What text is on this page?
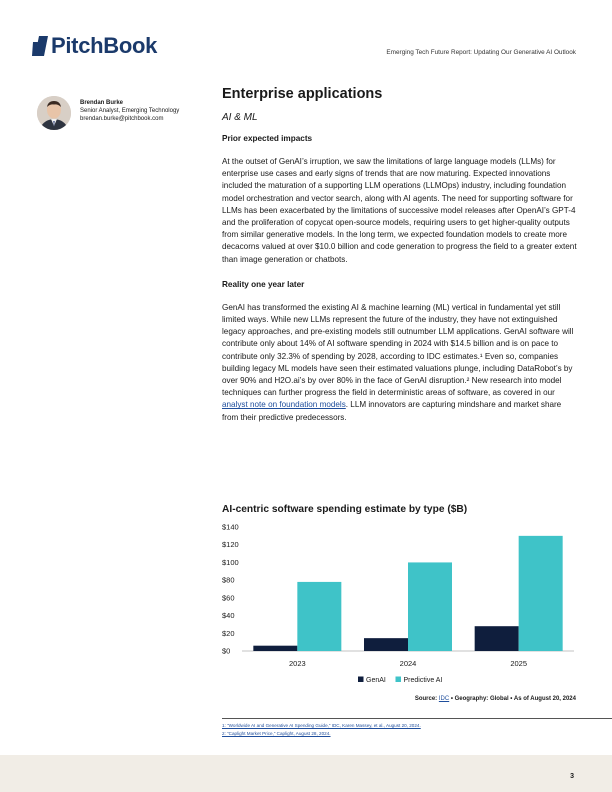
PitchBook	Emerging Tech Future Report: Updating Our Generative AI Outlook
Brendan Burke
Senior Analyst, Emerging Technology
brendan.burke@pitchbook.com
Enterprise applications
AI & ML
Prior expected impacts
At the outset of GenAI’s irruption, we saw the limitations of large language models (LLMs) for enterprise use cases and early signs of trends that are now maturing. Expected innovations included the maturation of a supporting LLM operations (LLMOps) industry, including foundation model orchestration and vector search, along with AI agents. The need for supporting software for LLMs has been exacerbated by the limitations of successive model releases after OpenAI’s GPT-4 and the proliferation of copycat open-source models, requiring users to get higher-quality outputs from similar generative models. In the long term, we expected foundation models to create more decacorns valued at over $10.0 billion and code generation to progress the field to a greater extent than image generation or chatbots.
Reality one year later
GenAI has transformed the existing AI & machine learning (ML) vertical in fundamental yet still limited ways. While new LLMs represent the future of the industry, they have not extinguished legacy approaches, and pre-existing models still outnumber LLM applications. GenAI software will contribute only about 14% of AI software spending in 2024 with $14.5 billion and is on pace to contribute only 32.3% of spending by 2028, according to IDC estimates.¹ Even so, companies building legacy ML models have seen their estimated valuations plunge, including DataRobot’s by over 90% and H2O.ai’s by over 80% in the face of GenAI disruption.² New research into model techniques can further progress the field in deterministic areas of software, as covered in our analyst note on foundation models. LLM innovators are capturing mindshare and market share from their predictive predecessors.
AI-centric software spending estimate by type ($B)
$0
$20
$40
$60
$80
$100
$120
$140
2023	2024	2025
GenAI	Predictive AI
Source: IDC • Geography: Global • As of August 20, 2024
1: “Worldwide AI and Generative AI Spending Guide,” IDC, Karen Massey, et al., August 20, 2024.
2: “Caplight Market Price,” Caplight, August 28, 2024.
3
